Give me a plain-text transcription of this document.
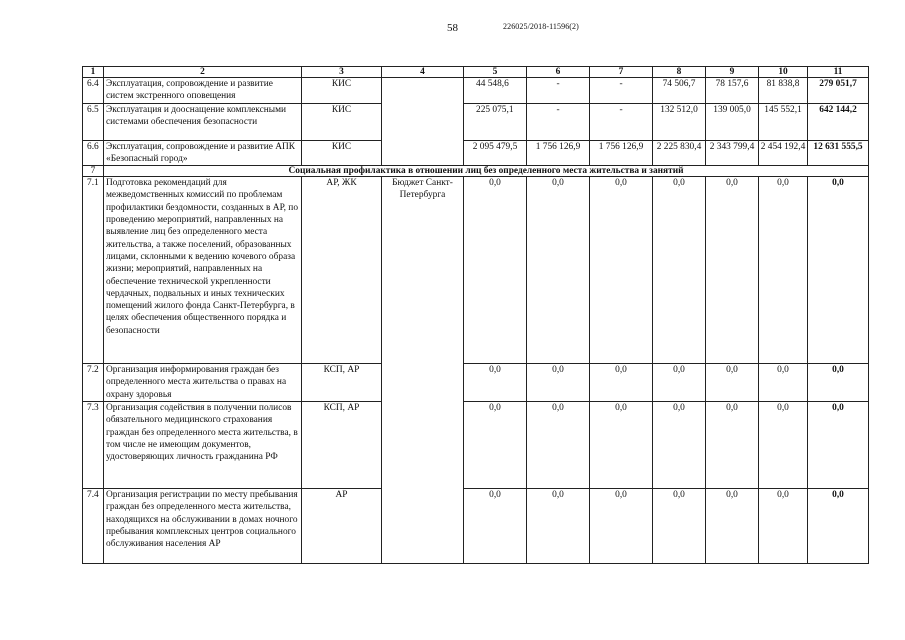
58	226025/2018-11596(2)
1	2	3	4	5	6	7	8	9	10	11
6.4	Эксплуатация, сопровождение и развитие систем экстренного оповещения	КИС		44 548,6	-	-	74 506,7	78 157,6	81 838,8	279 051,7
6.5	Эксплуатация и дооснащение комплексными системами обеспечения безопасности	КИС		225 075,1	-	-	132 512,0	139 005,0	145 552,1	642 144,2
6.6	Эксплуатация, сопровождение и развитие АПК «Безопасный город»	КИС		2 095 479,5	1 756 126,9	1 756 126,9	2 225 830,4	2 343 799,4	2 454 192,4	12 631 555,5
7	Социальная профилактика в отношении лиц без определенного места жительства и занятий									
7.1	Подготовка рекомендаций для межведомственных комиссий по проблемам профилактики бездомности, созданных в АР, по проведению мероприятий, направленных на выявление лиц без определенного места жительства, а также поселений, образованных лицами, склонными к ведению кочевого образа жизни; мероприятий, направленных на обеспечение технической укрепленности чердачных, подвальных и иных технических помещений жилого фонда Санкт-Петербурга, в целях обеспечения общественного порядка и безопасности	АР, ЖК	Бюджет Санкт-Петербурга	0,0	0,0	0,0	0,0	0,0	0,0	0,0
7.2	Организация информирования граждан без определенного места жительства о правах на охрану здоровья	КСП, АР		0,0	0,0	0,0	0,0	0,0	0,0	0,0
7.3	Организация содействия в получении полисов обязательного медицинского страхования граждан без определенного места жительства, в том числе не имеющим документов, удостоверяющих личность гражданина РФ	КСП, АР		0,0	0,0	0,0	0,0	0,0	0,0	0,0
7.4	Организация регистрации по месту пребывания граждан без определенного места жительства, находящихся на обслуживании в домах ночного пребывания комплексных центров социального обслуживания населения АР	АР		0,0	0,0	0,0	0,0	0,0	0,0	0,0
